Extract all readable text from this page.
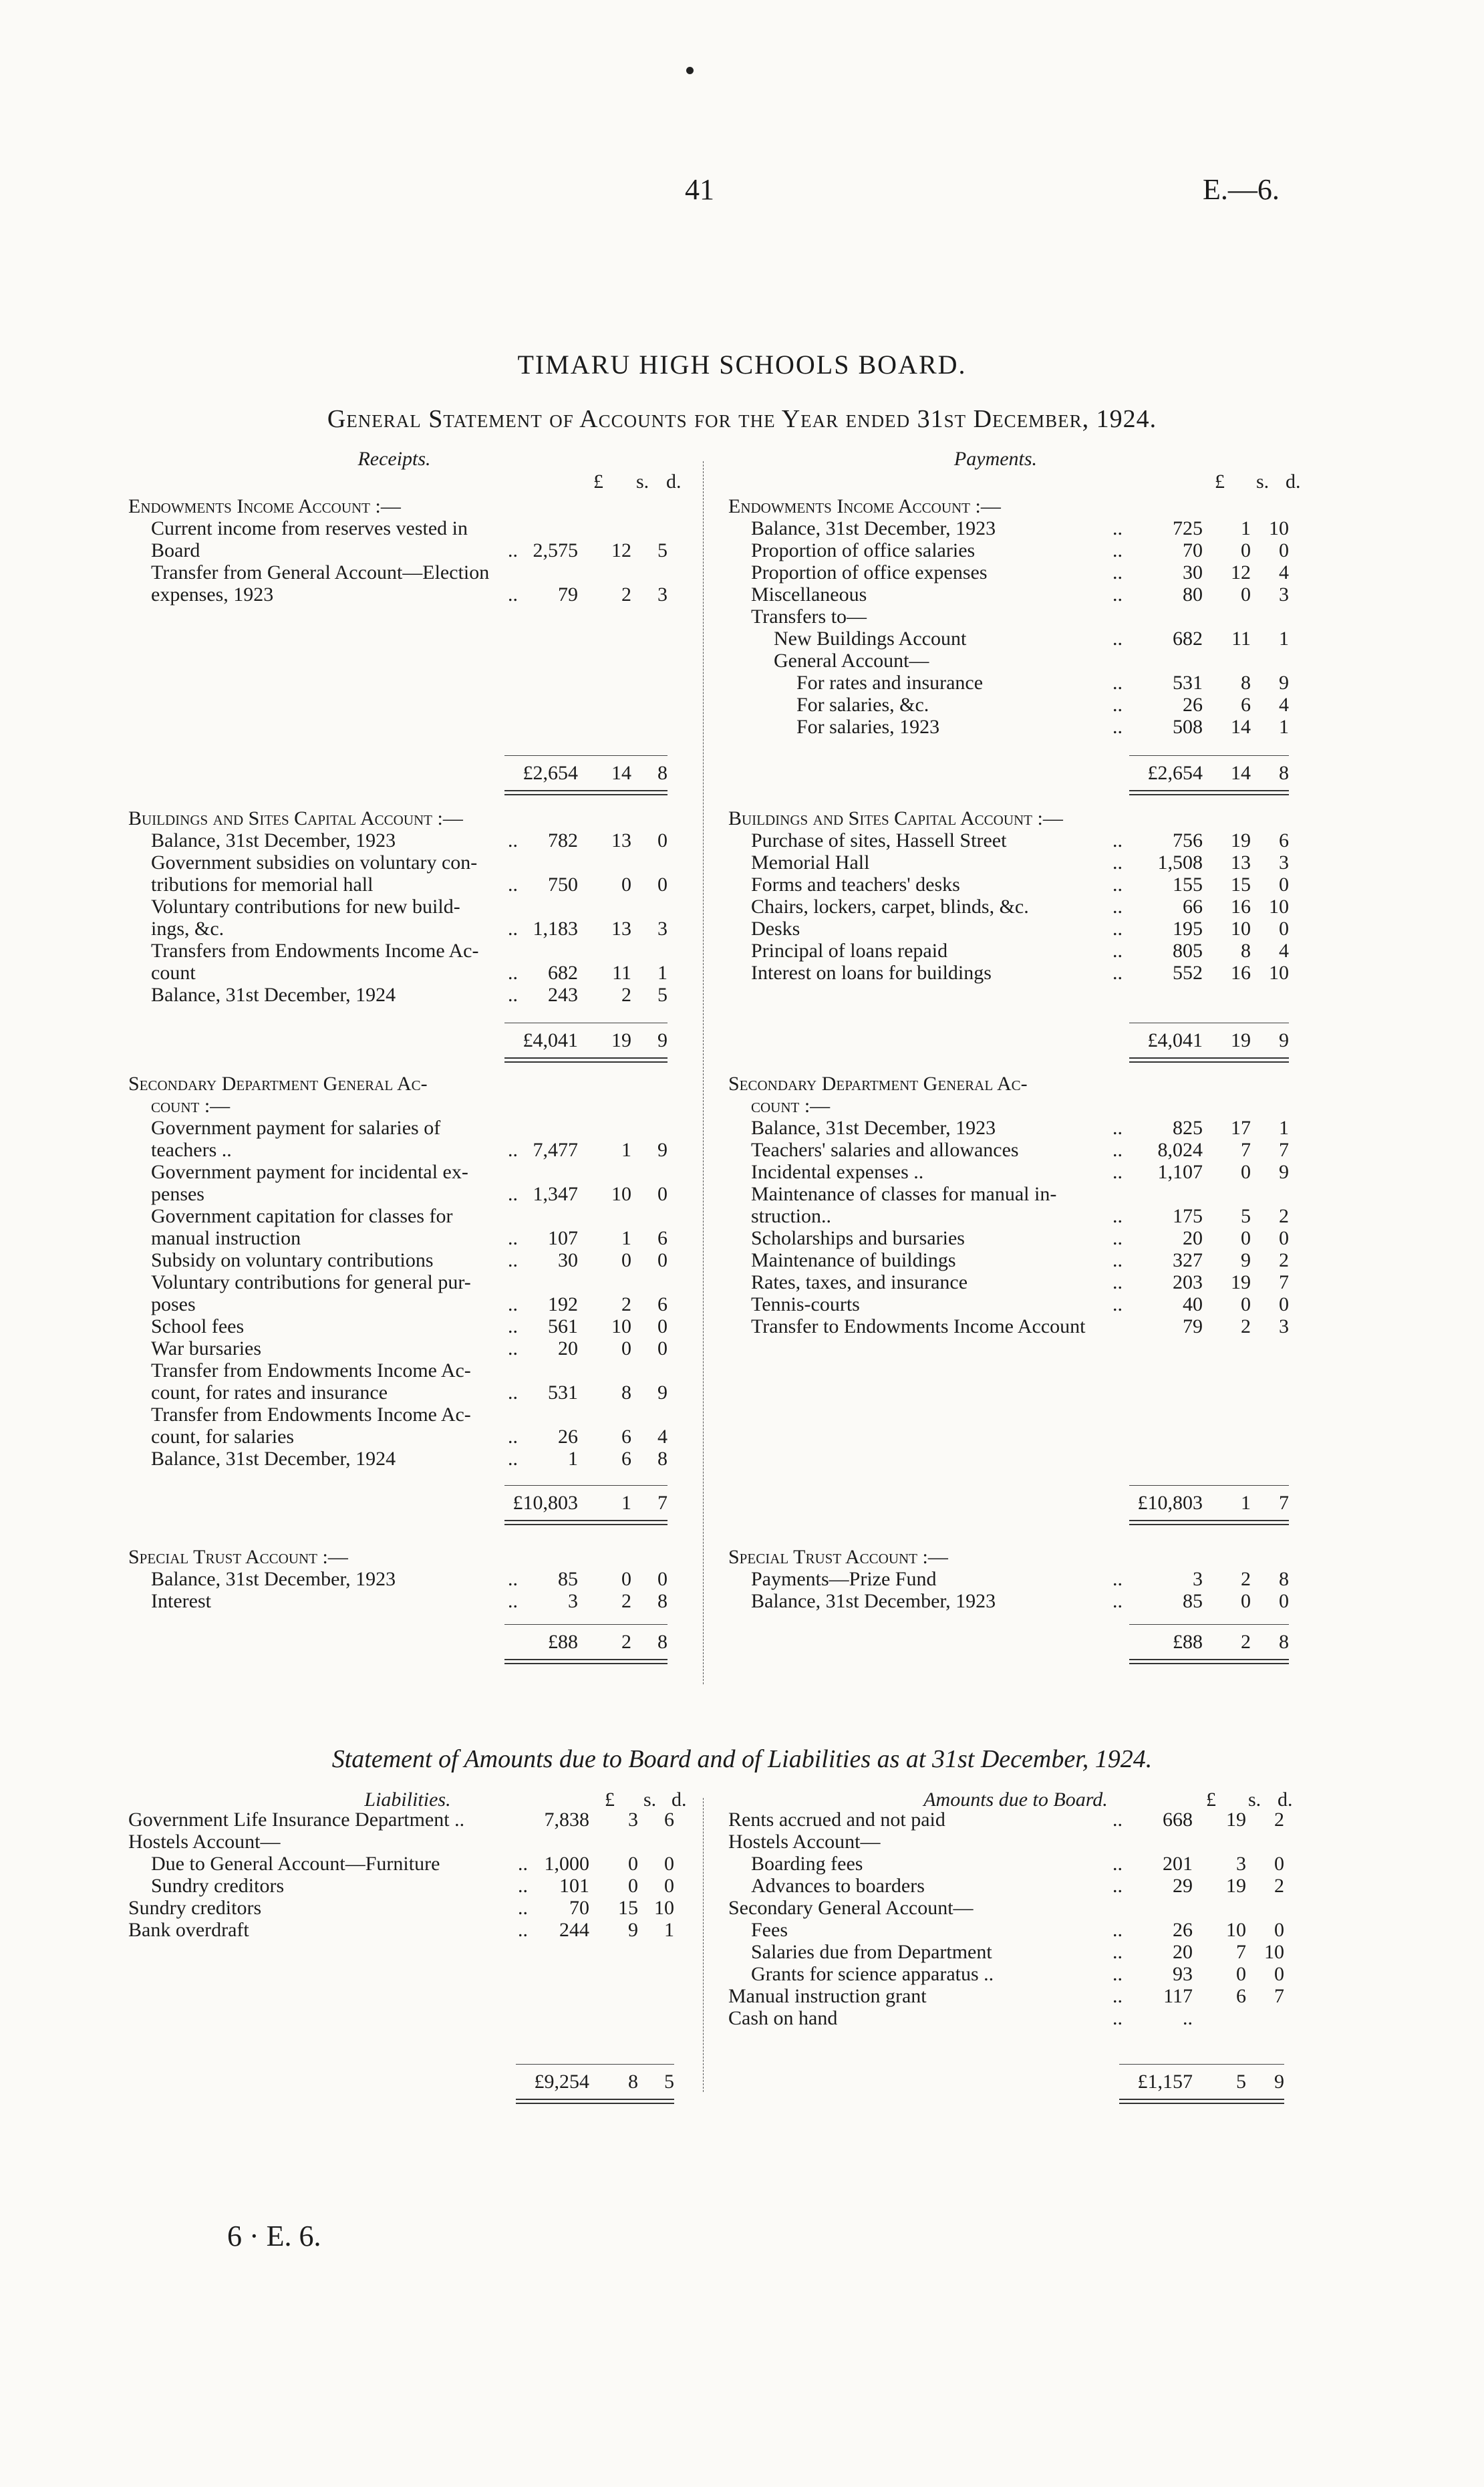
41	E.—6.
TIMARU HIGH SCHOOLS BOARD.
General Statement of Accounts for the Year ended 31st December, 1924.
Receipts.	Payments.
£ s. d.	£ s. d.
Endowments Income Account :—
Current income from reserves vested in
Board	.. 2,575	12	5
Transfer from General Account—Election
expenses, 1923	..	79	2	3
£2,654	14	8
Buildings and Sites Capital Account :—
Balance, 31st December, 1923	..	782	13	0
Government subsidies on voluntary con-
tributions for memorial hall	..	750	0	0
Voluntary contributions for new build-
ings, &c.	.. 1,183	13	3
Transfers from Endowments Income Ac-
count	..	682	11	1
Balance, 31st December, 1924	..	243	2	5
£4,041	19	9
Secondary Department General Ac-
count :—
Government payment for salaries of
teachers ..	.. 7,477	1	9
Government payment for incidental ex-
penses	.. 1,347	10	0
Government capitation for classes for
manual instruction	..	107	1	6
Subsidy on voluntary contributions	..	30	0	0
Voluntary contributions for general pur-
poses	..	192	2	6
School fees	..	561	10	0
War bursaries	..	20	0	0
Transfer from Endowments Income Ac-
count, for rates and insurance	..	531	8	9
Transfer from Endowments Income Ac-
count, for salaries	..	26	6	4
Balance, 31st December, 1924	..	1	6	8
£10,803	1	7
Special Trust Account :—
Balance, 31st December, 1923	..	85	0	0
Interest	..	3	2	8
£88	2	8
Endowments Income Account :—
Balance, 31st December, 1923	..	725	1 10
Proportion of office salaries	..	70	0	0
Proportion of office expenses	..	30	12	4
Miscellaneous	..	80	0	3
Transfers to—
New Buildings Account	..	682	11	1
General Account—
For rates and insurance	..	531	8	9
For salaries, &c.	..	26	6	4
For salaries, 1923	..	508	14	1
£2,654	14	8
Buildings and Sites Capital Account :—
Purchase of sites, Hassell Street	..	756	19	6
Memorial Hall	..	1,508	13	3
Forms and teachers' desks	..	155	15	0
Chairs, lockers, carpet, blinds, &c.	..	66	16 10
Desks	..	195	10	0
Principal of loans repaid	..	805	8	4
Interest on loans for buildings	..	552	16 10
£4,041	19	9
Secondary Department General Ac-
count :—
Balance, 31st December, 1923	..	825	17	1
Teachers' salaries and allowances	..	8,024	7	7
Incidental expenses ..	..	1,107	0	9
Maintenance of classes for manual in-
struction..	..	175	5	2
Scholarships and bursaries	..	20	0	0
Maintenance of buildings	..	327	9	2
Rates, taxes, and insurance	..	203	19	7
Tennis-courts	..	40	0	0
Transfer to Endowments Income Account	79	2	3
£10,803	1	7
Special Trust Account :—
Payments—Prize Fund	..	3	2	8
Balance, 31st December, 1923	..	85	0	0
£88	2	8
Statement of Amounts due to Board and of Liabilities as at 31st December, 1924.
Liabilities.	Amounts due to Board.
£ s. d.	£ s. d.
Government Life Insurance Department ..	7,838	3	6
Hostels Account—
Due to General Account—Furniture	.. 1,000	0	0
Sundry creditors	..	101	0	0
Sundry creditors	..	70	15 10
Bank overdraft	..	244	9	1
£9,254	8	5
Rents accrued and not paid	..	668	19	2
Hostels Account—
Boarding fees	..	201	3	0
Advances to boarders	..	29	19	2
Secondary General Account—
Fees	..	26	10	0
Salaries due from Department	..	20	7 10
Grants for science apparatus ..	..	93	0	0
Manual instruction grant	..	117	6	7
Cash on hand	..	..
£1,157	5	9
6 · E. 6.
